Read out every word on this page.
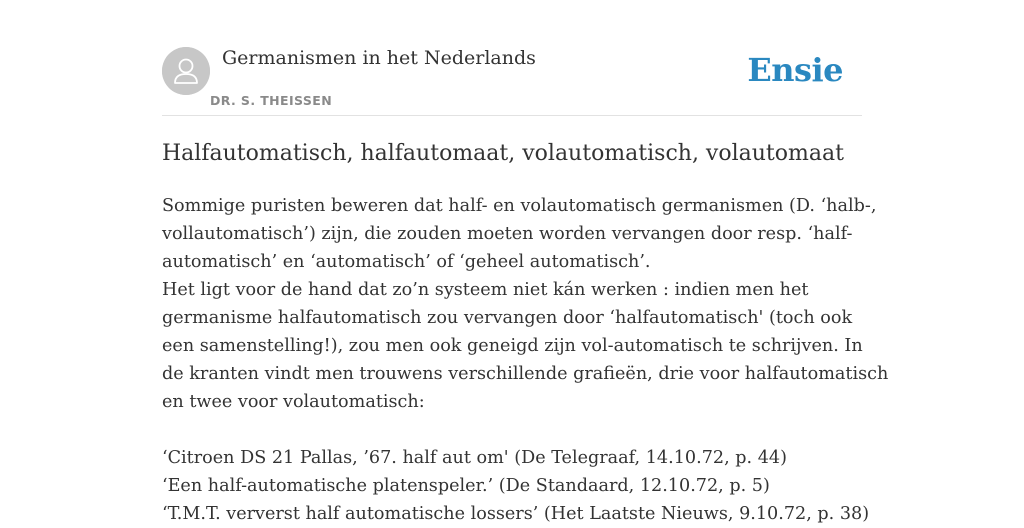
Germanismen in het Nederlands
DR. S. THEISSEN
Ensie
Halfautomatisch, halfautomaat, volautomatisch, volautomaat

Sommige puristen beweren dat half- en volautomatisch germanismen (D. ‘halb-,
vollautomatisch’) zijn, die zouden moeten worden vervangen door resp. ‘half-
automatisch’ en ‘automatisch’ of ‘geheel automatisch’.

Het ligt voor de hand dat zo’n systeem niet kán werken : indien men het
germanisme halfautomatisch zou vervangen door ‘halfautomatisch' (toch ook
een samenstelling!), zou men ook geneigd zijn vol-automatisch te schrijven. In
de kranten vindt men trouwens verschillende grafieën, drie voor halfautomatisch
en twee voor volautomatisch:

‘Citroen DS 21 Pallas, ’67. half aut om' (De Telegraaf, 14.10.72, p. 44)
‘Een half-automatische platenspeler.’ (De Standaard, 12.10.72, p. 5)
‘T.M.T. ververst half automatische lossers’ (Het Laatste Nieuws, 9.10.72, p. 38)
